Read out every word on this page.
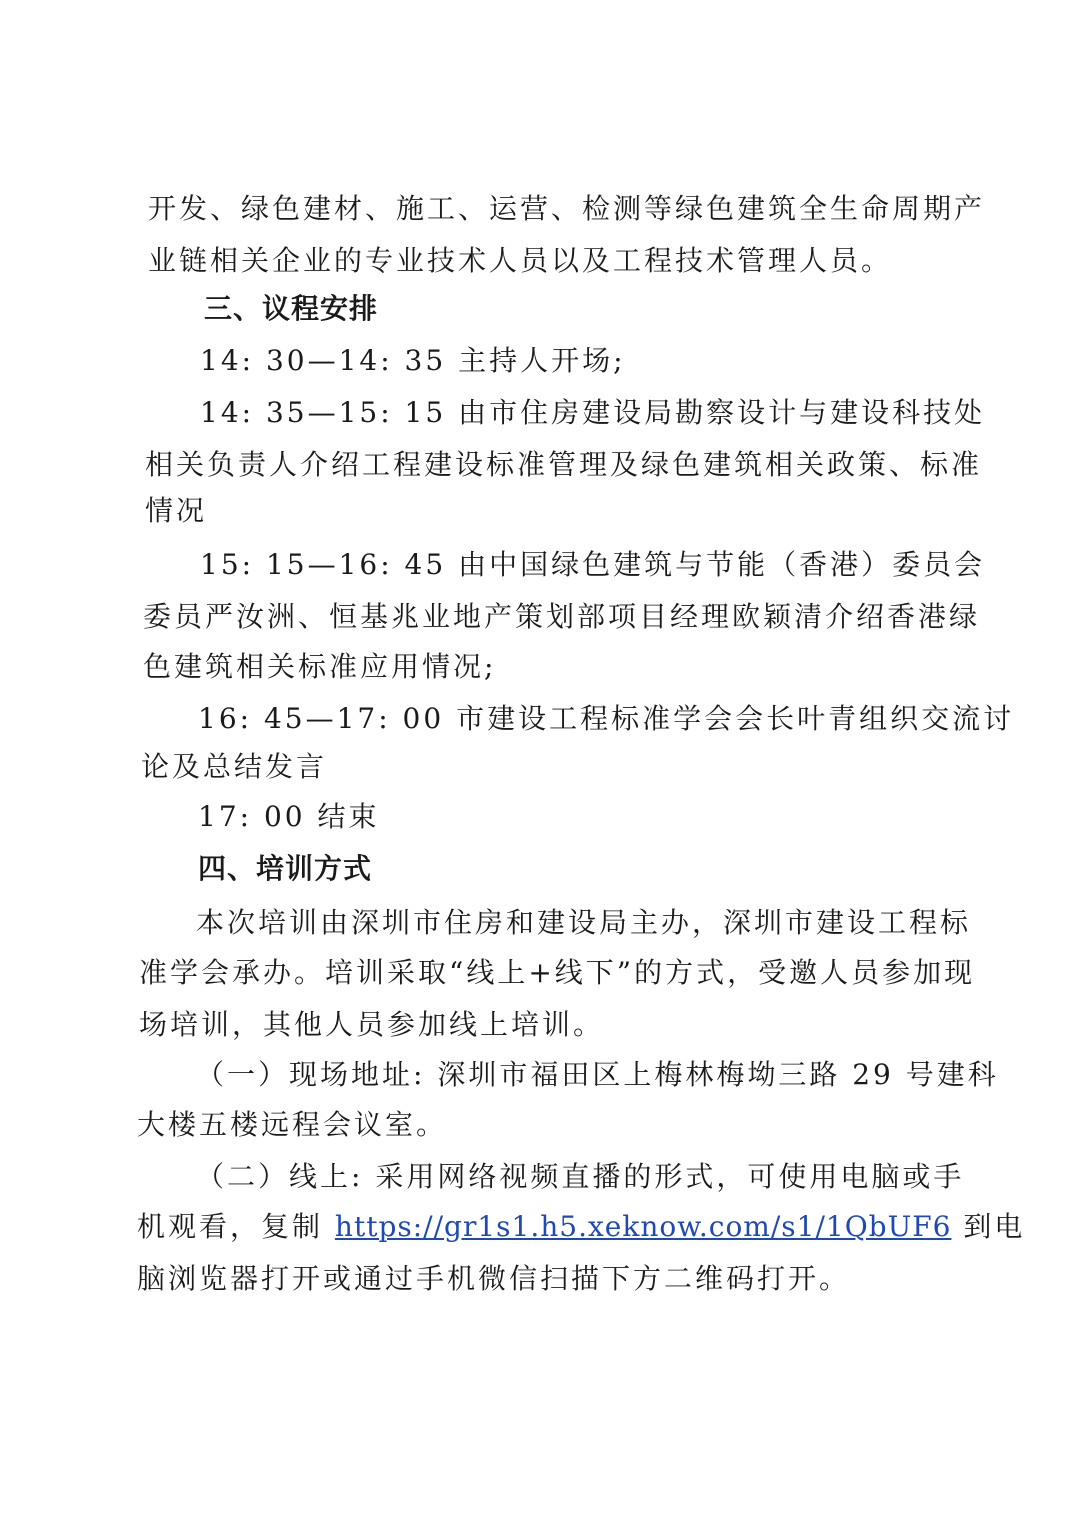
开发、绿色建材、施工、运营、检测等绿色建筑全生命周期产
业链相关企业的专业技术人员以及工程技术管理人员。
三、议程安排
14: 30—14: 35 主持人开场;
14: 35—15: 15 由市住房建设局勘察设计与建设科技处
相关负责人介绍工程建设标准管理及绿色建筑相关政策、标准
情况
15: 15—16: 45 由中国绿色建筑与节能（香港）委员会
委员严汝洲、恒基兆业地产策划部项目经理欧颖清介绍香港绿
色建筑相关标准应用情况;
16: 45—17: 00 市建设工程标准学会会长叶青组织交流讨
论及总结发言
17: 00 结束
四、培训方式
本次培训由深圳市住房和建设局主办，深圳市建设工程标
准学会承办。培训采取“线上+线下”的方式，受邀人员参加现
场培训，其他人员参加线上培训。
（一）现场地址: 深圳市福田区上梅林梅坳三路 29 号建科
大楼五楼远程会议室。
（二）线上: 采用网络视频直播的形式，可使用电脑或手
机观看，复制 https://gr1s1.h5.xeknow.com/s1/1QbUF6 到电
脑浏览器打开或通过手机微信扫描下方二维码打开。
